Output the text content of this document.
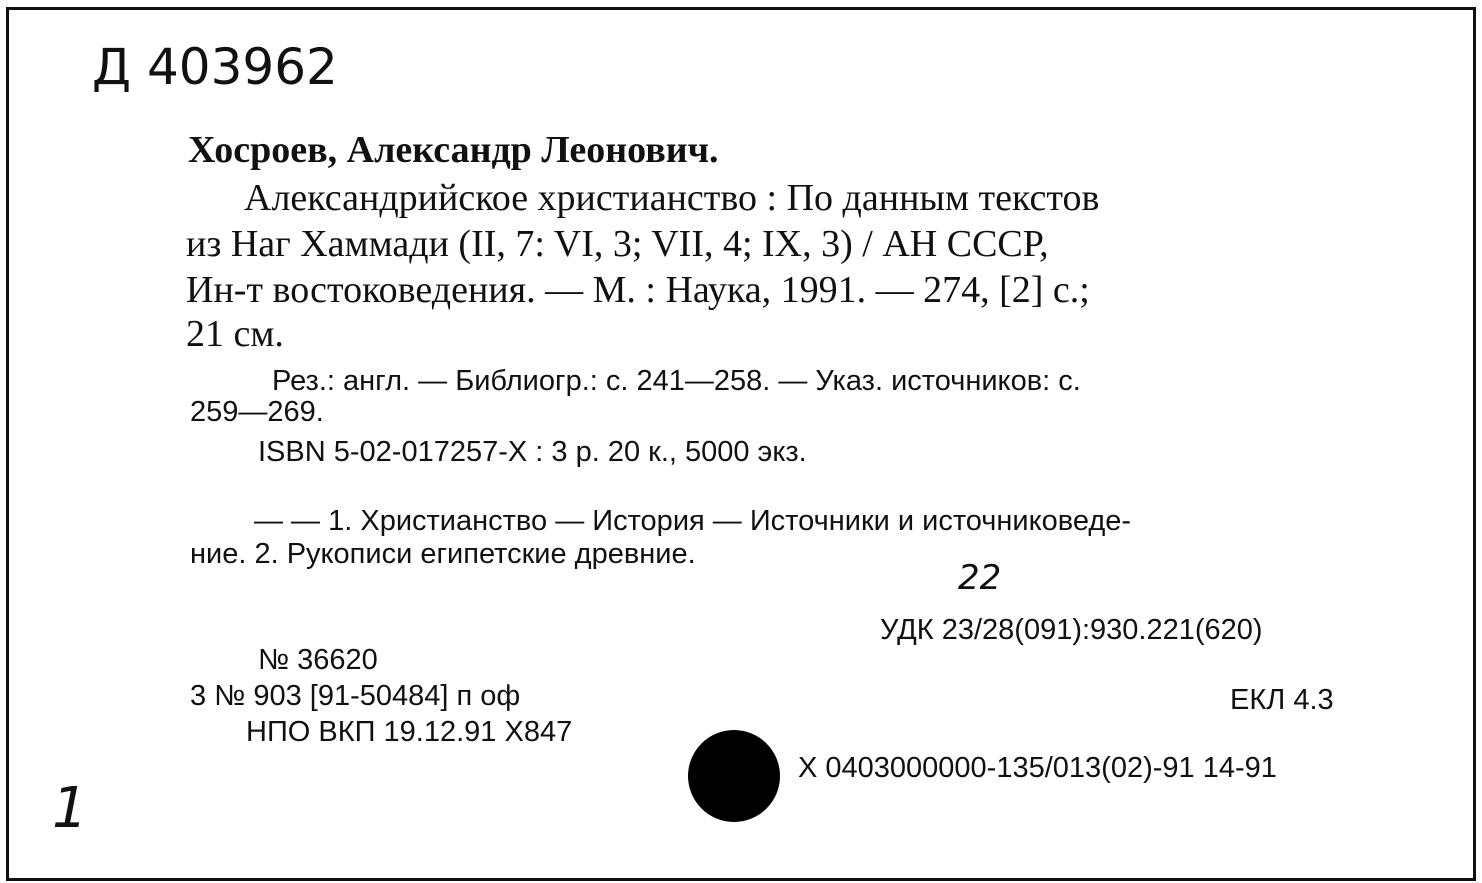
Д 403962
Хосроев, Александр Леонович.
Александрийское христианство : По данным текстов
из Наг Хаммади (II, 7: VI, 3; VII, 4; IX, 3) / АН СССР,
Ин-т востоковедения. — М. : Наука, 1991. — 274, [2] с.;
21 см.
Рез.: англ. — Библиогр.: с. 241—258. — Указ. источников: с.
259—269.
ISBN 5-02-017257-X : 3 р. 20 к., 5000 экз.
— — 1. Христианство — История — Источники и источниковеде-
ние. 2. Рукописи египетские древние.
22
УДК 23/28(091):930.221(620)
№ 36620
3 № 903 [91-50484] п оф	ЕКЛ 4.3
НПО ВКП 19.12.91 Х847
Х 0403000000-135/013(02)-91 14-91
1
